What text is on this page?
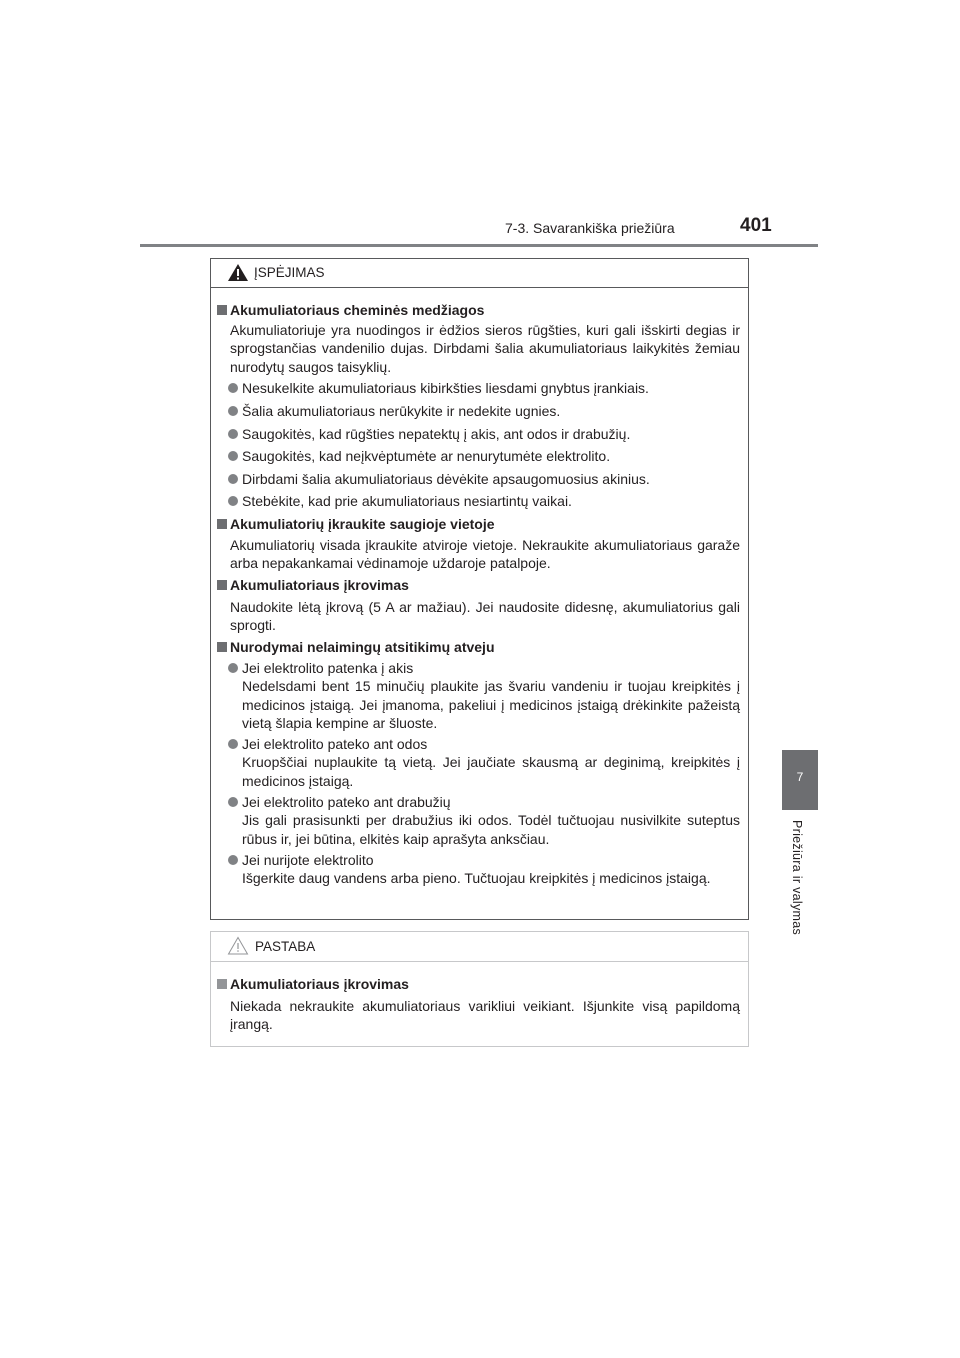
7-3. Savarankiška priežiūra	401
7
Priežiūra ir valymas
ĮSPĖJIMAS
Akumuliatoriaus cheminės medžiagos
Akumuliatoriuje yra nuodingos ir ėdžios sieros rūgšties, kuri gali išskirti degias ir sprogstančias vandenilio dujas. Dirbdami šalia akumuliatoriaus laikykitės žemiau nurodytų saugos taisyklių.
Nesukelkite akumuliatoriaus kibirkšties liesdami gnybtus įrankiais.
Šalia akumuliatoriaus nerūkykite ir nedekite ugnies.
Saugokitės, kad rūgšties nepatektų į akis, ant odos ir drabužių.
Saugokitės, kad neįkvėptumėte ar nenurytumėte elektrolito.
Dirbdami šalia akumuliatoriaus dėvėkite apsaugomuosius akinius.
Stebėkite, kad prie akumuliatoriaus nesiartintų vaikai.
Akumuliatorių įkraukite saugioje vietoje
Akumuliatorių visada įkraukite atviroje vietoje. Nekraukite akumuliatoriaus garaže arba nepakankamai vėdinamoje uždaroje patalpoje.
Akumuliatoriaus įkrovimas
Naudokite lėtą įkrovą (5 A ar mažiau). Jei naudosite didesnę, akumuliatorius gali sprogti.
Nurodymai nelaimingų atsitikimų atveju
Jei elektrolito patenka į akis
Nedelsdami bent 15 minučių plaukite jas švariu vandeniu ir tuojau kreipkitės į medicinos įstaigą. Jei įmanoma, pakeliui į medicinos įstaigą drėkinkite pažeistą vietą šlapia kempine ar šluoste.
Jei elektrolito pateko ant odos
Kruopščiai nuplaukite tą vietą. Jei jaučiate skausmą ar deginimą, kreipkitės į medicinos įstaigą.
Jei elektrolito pateko ant drabužių
Jis gali prasisunkti per drabužius iki odos. Todėl tučtuojau nusivilkite suteptus rūbus ir, jei būtina, elkitės kaip aprašyta anksčiau.
Jei nurijote elektrolito
Išgerkite daug vandens arba pieno. Tučtuojau kreipkitės į medicinos įstaigą.
PASTABA
Akumuliatoriaus įkrovimas
Niekada nekraukite akumuliatoriaus varikliui veikiant. Išjunkite visą papildomą įrangą.
